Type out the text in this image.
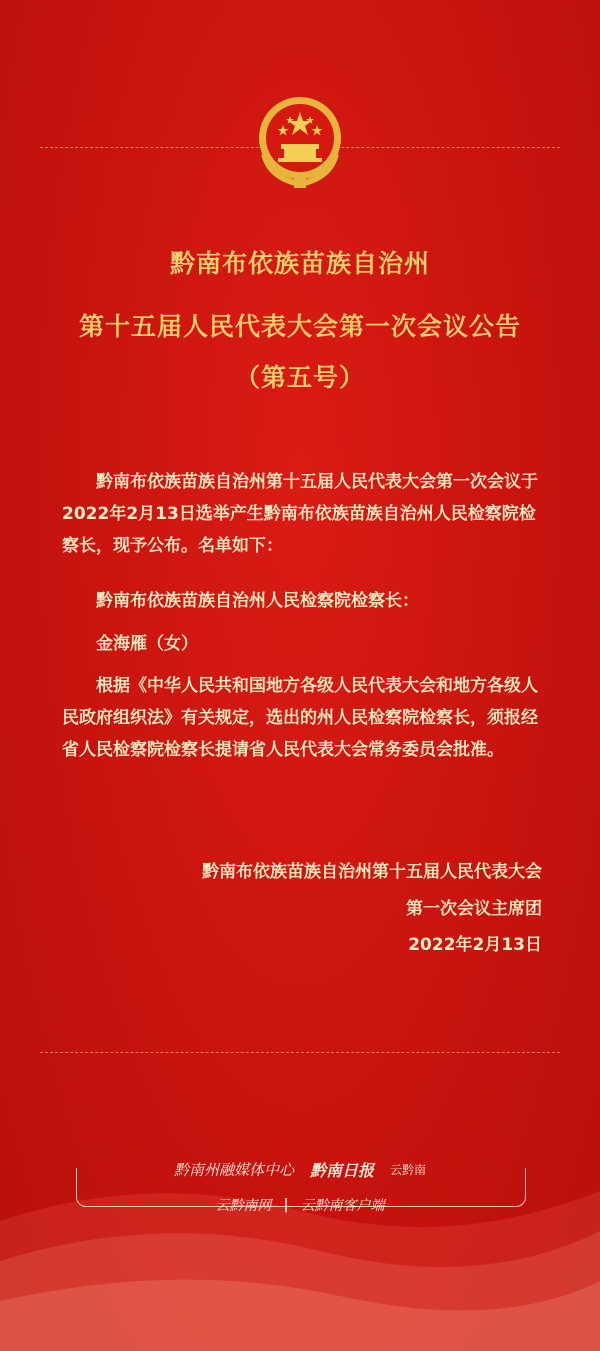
黔南布依族苗族自治州
第十五届人民代表大会第一次会议公告
（第五号）

黔南布依族苗族自治州第十五届人民代表大会第一次会议于2022年2月13日选举产生黔南布依族苗族自治州人民检察院检察长，现予公布。名单如下：

黔南布依族苗族自治州人民检察院检察长：

金海雁（女）

根据《中华人民共和国地方各级人民代表大会和地方各级人民政府组织法》有关规定，选出的州人民检察院检察长，须报经省人民检察院检察长提请省人民代表大会常务委员会批准。

黔南布依族苗族自治州第十五届人民代表大会
第一次会议主席团
2022年2月13日
黔南州融媒体中心 黔南日报 云黔南
云黔南网 | 云黔南客户端
